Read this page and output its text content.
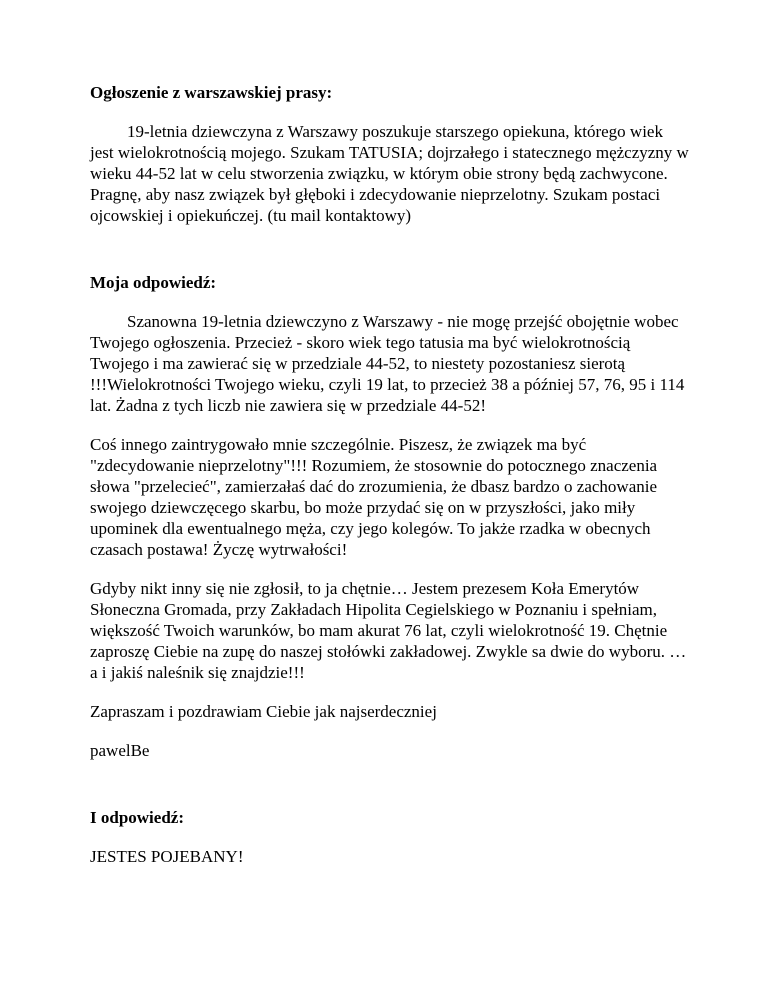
Ogłoszenie z warszawskiej prasy:

19-letnia dziewczyna z Warszawy poszukuje starszego opiekuna, którego wiek jest wielokrotnością mojego. Szukam TATUSIA; dojrzałego i statecznego mężczyzny w wieku 44-52 lat w celu stworzenia związku, w którym obie strony będą zachwycone. Pragnę, aby nasz związek był głęboki i zdecydowanie nieprzelotny. Szukam postaci ojcowskiej i opiekuńczej. (tu mail kontaktowy)

Moja odpowiedź:

Szanowna 19-letnia dziewczyno z Warszawy - nie mogę przejść obojętnie wobec Twojego ogłoszenia. Przecież - skoro wiek tego tatusia ma być wielokrotnością Twojego i ma zawierać się w przedziale 44-52, to niestety pozostaniesz sierotą !!!Wielokrotności Twojego wieku, czyli 19 lat, to przecież 38 a później 57, 76, 95 i 114 lat. Żadna z tych liczb nie zawiera się w przedziale 44-52!

Coś innego zaintrygowało mnie szczególnie. Piszesz, że związek ma być "zdecydowanie nieprzelotny"!!! Rozumiem, że stosownie do potocznego znaczenia słowa "przelecieć", zamierzałaś dać do zrozumienia, że dbasz bardzo o zachowanie swojego dziewczęcego skarbu, bo może przydać się on w przyszłości, jako miły upominek dla ewentualnego męża, czy jego kolegów. To jakże rzadka w obecnych czasach postawa! Życzę wytrwałości!

Gdyby nikt inny się nie zgłosił, to ja chętnie… Jestem prezesem Koła Emerytów Słoneczna Gromada, przy Zakładach Hipolita Cegielskiego w Poznaniu i spełniam, większość Twoich warunków, bo mam akurat 76 lat, czyli wielokrotność 19. Chętnie zaproszę Ciebie na zupę do naszej stołówki zakładowej. Zwykle sa dwie do wyboru. … a i jakiś naleśnik się znajdzie!!!

Zapraszam i pozdrawiam Ciebie jak najserdeczniej

pawelBe

I odpowiedź:

JESTES POJEBANY!
